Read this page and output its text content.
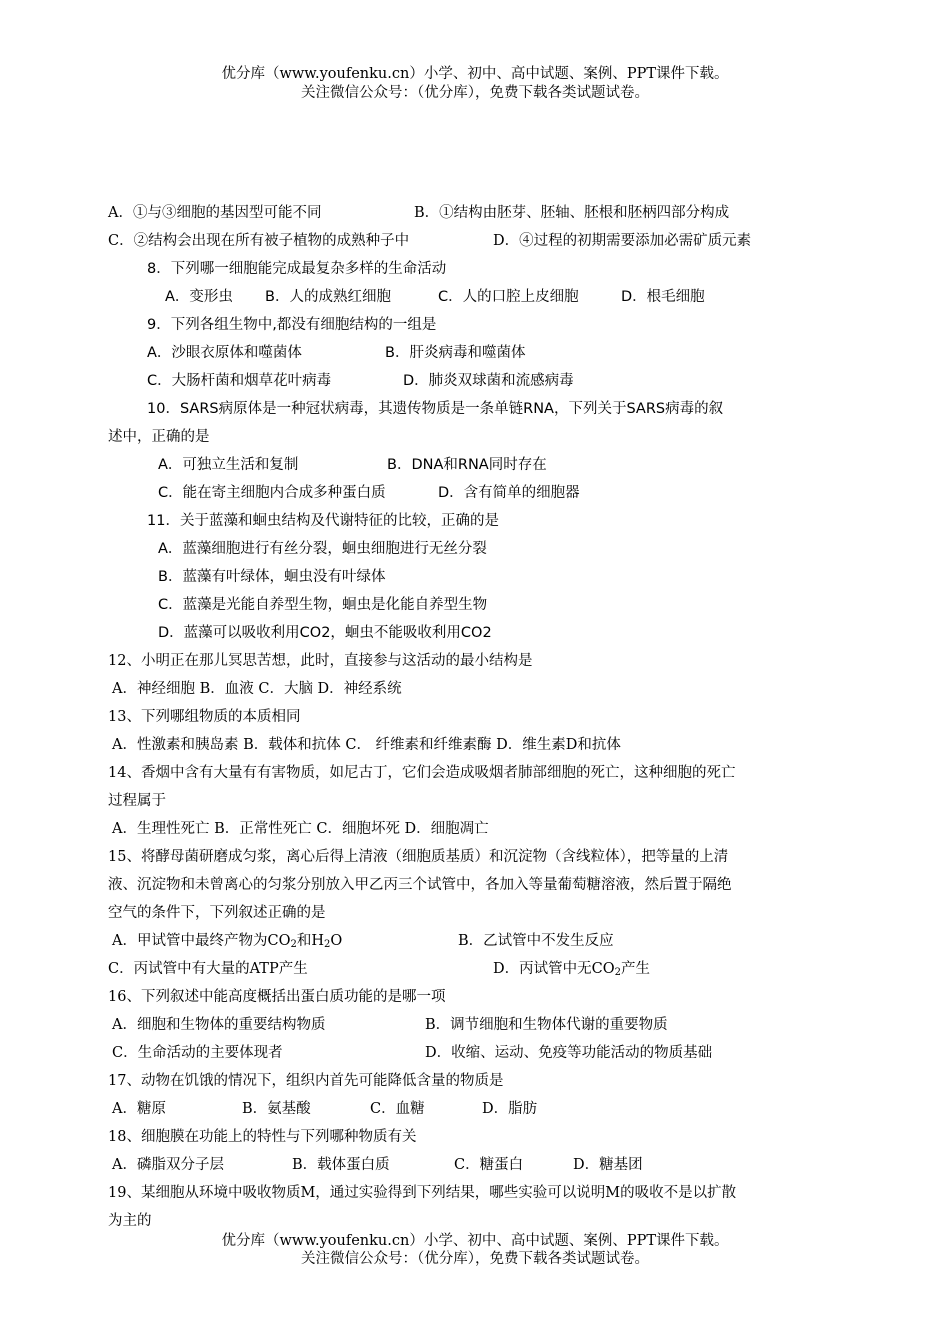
优分库（www.youfenku.cn）小学、初中、高中试题、案例、PPT课件下载。
关注微信公众号：（优分库），免费下载各类试题试卷。
A．①与③细胞的基因型可能不同	B．①结构由胚芽、胚轴、胚根和胚柄四部分构成
C．②结构会出现在所有被子植物的成熟种子中	D．④过程的初期需要添加必需矿质元素
8．下列哪一细胞能完成最复杂多样的生命活动
A．变形虫 B．人的成熟红细胞	C．人的口腔上皮细胞	D．根毛细胞
9．下列各组生物中,都没有细胞结构的一组是
A．沙眼衣原体和噬菌体	B．肝炎病毒和噬菌体
C．大肠杆菌和烟草花叶病毒	D．肺炎双球菌和流感病毒
10．SARS病原体是一种冠状病毒，其遗传物质是一条单链RNA，下列关于SARS病毒的叙
述中，正确的是
A．可独立生活和复制	B．DNA和RNA同时存在
C．能在寄主细胞内合成多种蛋白质	D．含有简单的细胞器
11．关于蓝藻和蛔虫结构及代谢特征的比较，正确的是
A．蓝藻细胞进行有丝分裂，蛔虫细胞进行无丝分裂
B．蓝藻有叶绿体，蛔虫没有叶绿体
C．蓝藻是光能自养型生物，蛔虫是化能自养型生物
D．蓝藻可以吸收利用CO2，蛔虫不能吸收利用CO2
12、小明正在那儿冥思苦想，此时，直接参与这活动的最小结构是
A．神经细胞 B．血液 C．大脑 D．神经系统
13、下列哪组物质的本质相同
A．性激素和胰岛素 B．载体和抗体 C． 纤维素和纤维素酶 D．维生素D和抗体
14、香烟中含有大量有有害物质，如尼古丁，它们会造成吸烟者肺部细胞的死亡，这种细胞的死亡
过程属于
A．生理性死亡 B．正常性死亡 C．细胞坏死 D．细胞凋亡
15、将酵母菌研磨成匀浆，离心后得上清液（细胞质基质）和沉淀物（含线粒体），把等量的上清
液、沉淀物和未曾离心的匀浆分别放入甲乙丙三个试管中，各加入等量葡萄糖溶液，然后置于隔绝
空气的条件下，下列叙述正确的是
A．甲试管中最终产物为$CO_2$和$H_2O$	B．乙试管中不发生反应
C．丙试管中有大量的ATP产生	D．丙试管中无$CO_2$产生
16、下列叙述中能高度概括出蛋白质功能的是哪一项
A．细胞和生物体的重要结构物质	B．调节细胞和生物体代谢的重要物质
C．生命活动的主要体现者	D．收缩、运动、免疫等功能活动的物质基础
17、动物在饥饿的情况下，组织内首先可能降低含量的物质是
A．糖原	B．氨基酸	C．血糖	D．脂肪
18、细胞膜在功能上的特性与下列哪种物质有关
A．磷脂双分子层	B．载体蛋白质	C．糖蛋白	D．糖基团
19、某细胞从环境中吸收物质M，通过实验得到下列结果，哪些实验可以说明M的吸收不是以扩散
为主的
优分库（www.youfenku.cn）小学、初中、高中试题、案例、PPT课件下载。
关注微信公众号：（优分库），免费下载各类试题试卷。
